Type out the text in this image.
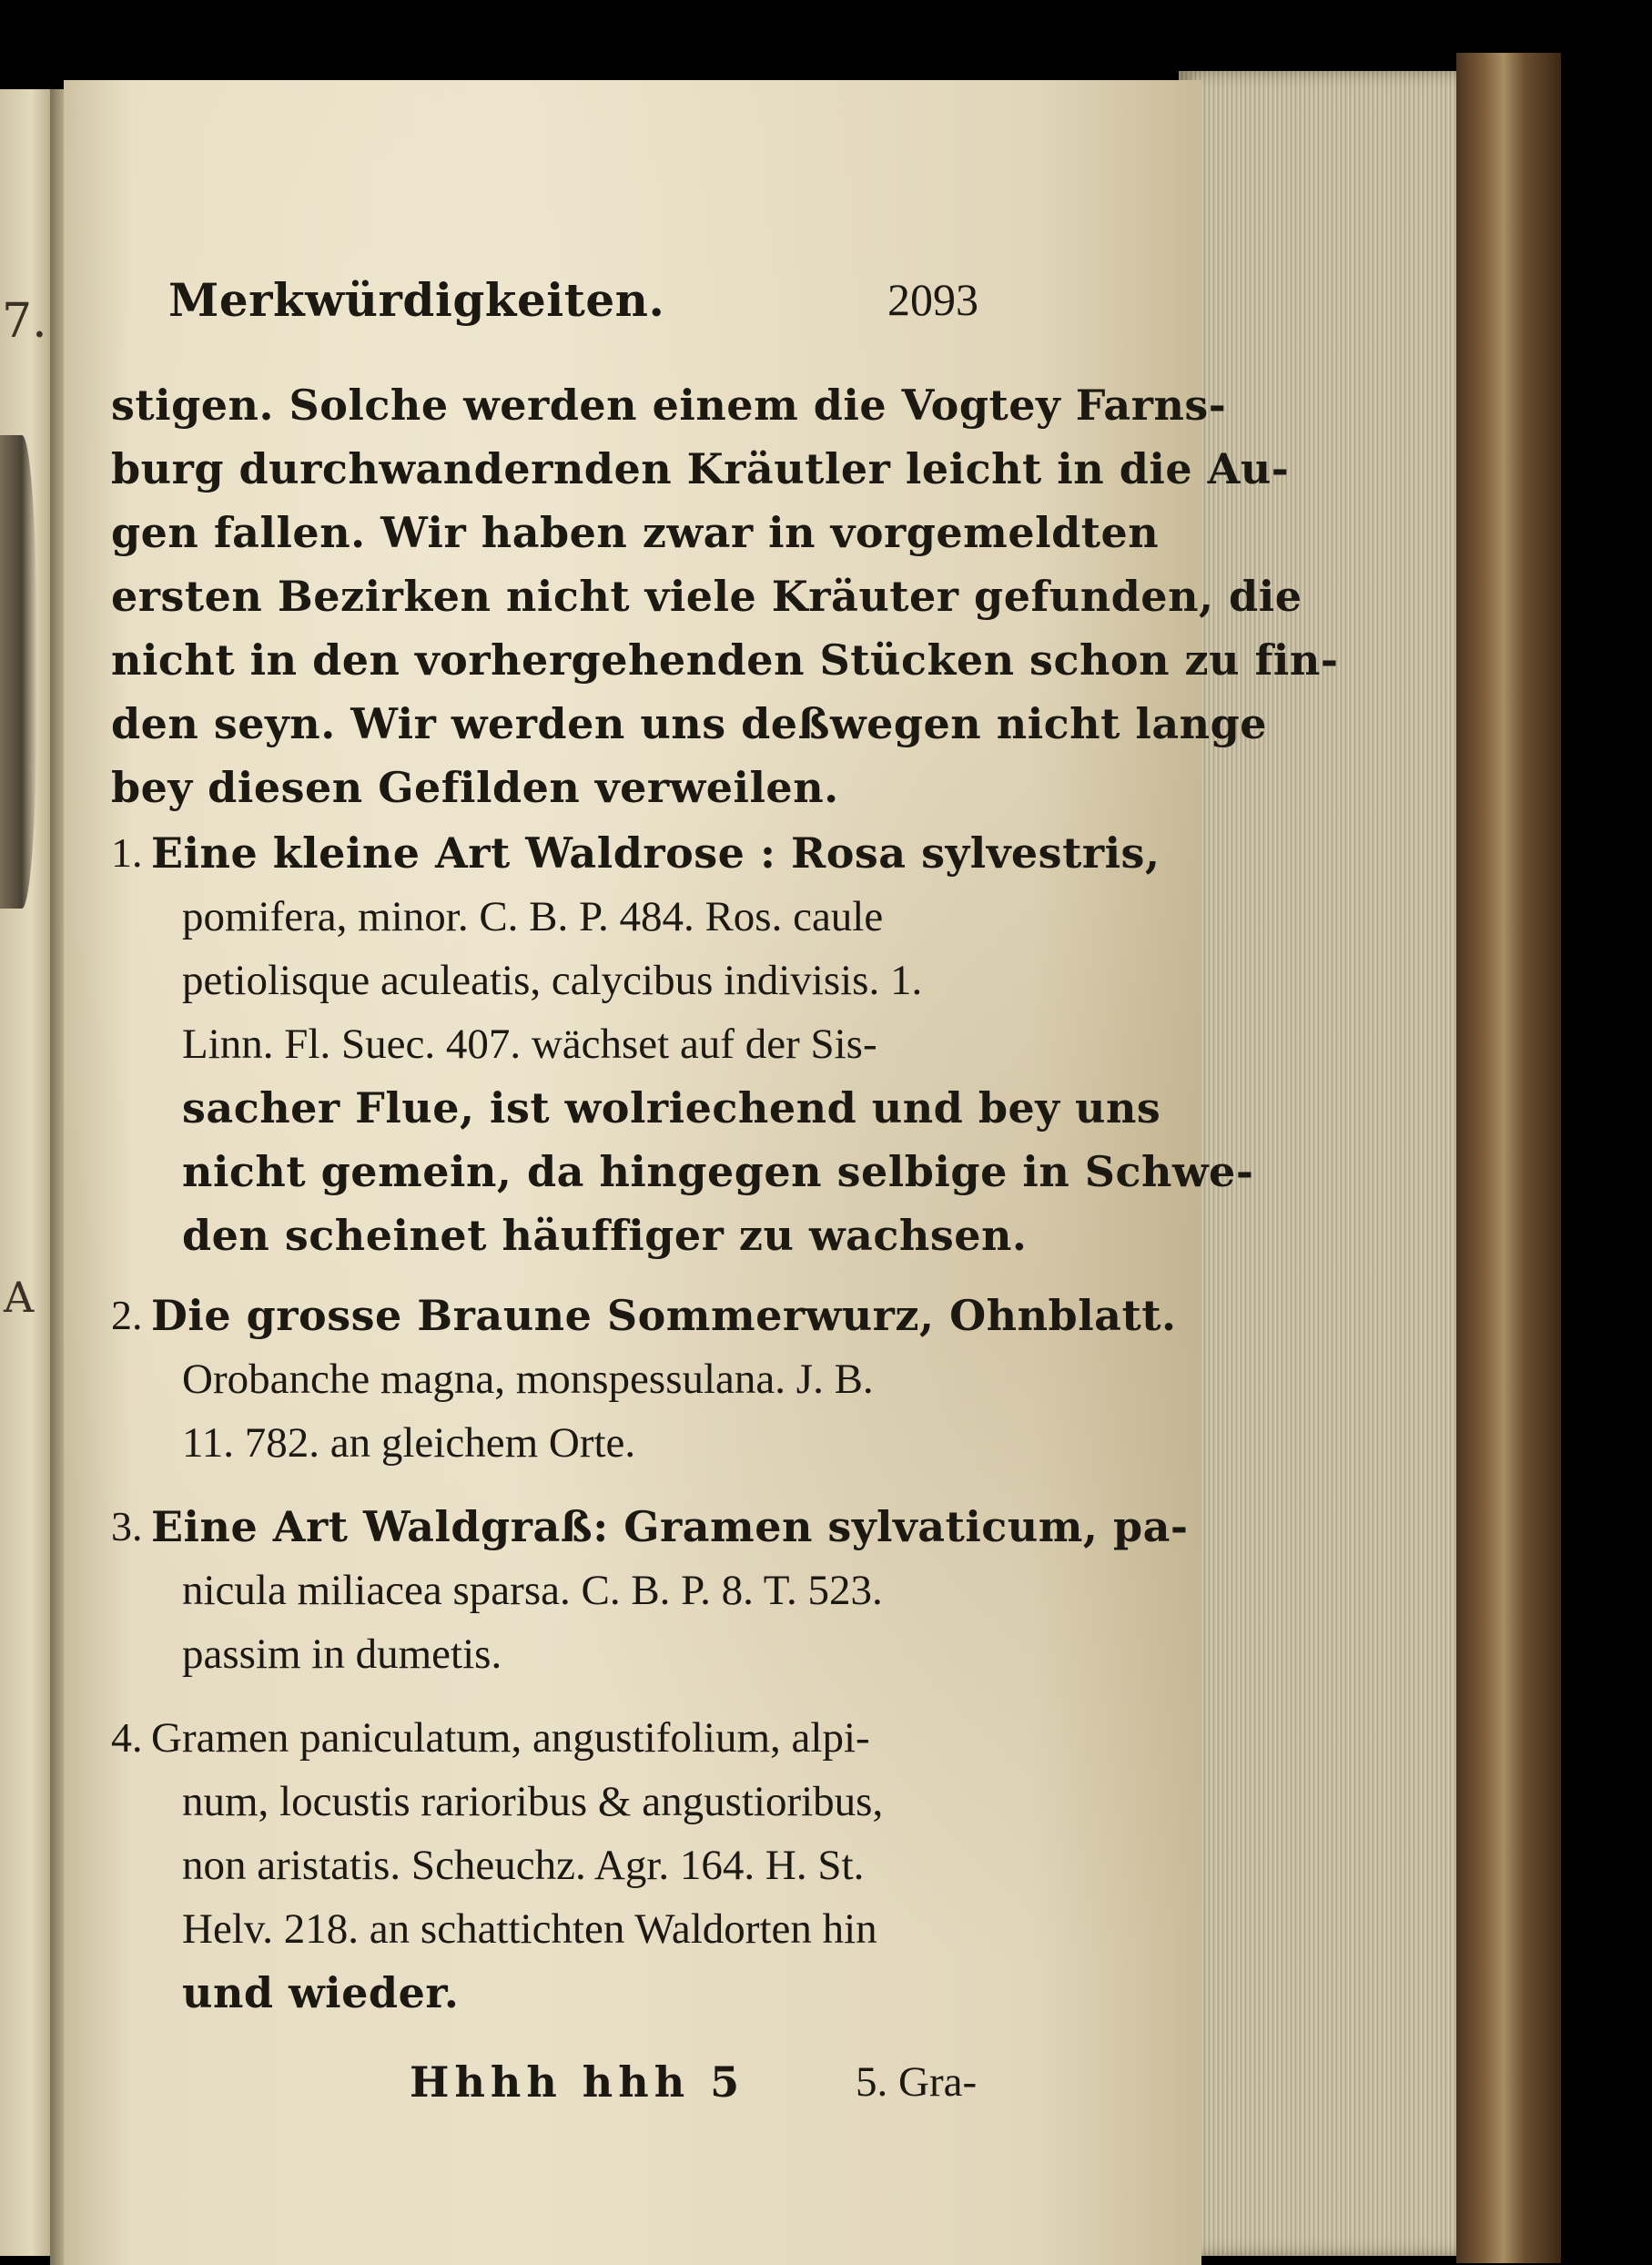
7.
A
Merkwürdigkeiten.	2093
stigen. Solche werden einem die Vogtey Farns-
burg durchwandernden Kräutler leicht in die Au-
gen fallen. Wir haben zwar in vorgemeldten
ersten Bezirken nicht viele Kräuter gefunden, die
nicht in den vorhergehenden Stücken schon zu fin-
den seyn. Wir werden uns deßwegen nicht lange
bey diesen Gefilden verweilen.
1. Eine kleine Art Waldrose : Rosa sylvestris,
pomifera, minor. C. B. P. 484. Ros. caule
petiolisque aculeatis, calycibus indivisis. 1.
Linn. Fl. Suec. 407. wächset auf der Sis-
sacher Flue, ist wolriechend und bey uns
nicht gemein, da hingegen selbige in Schwe-
den scheinet häuffiger zu wachsen.
2. Die grosse Braune Sommerwurz, Ohnblatt.
Orobanche magna, monspessulana. J. B.
11. 782. an gleichem Orte.
3. Eine Art Waldgraß: Gramen sylvaticum, pa-
nicula miliacea sparsa. C. B. P. 8. T. 523.
passim in dumetis.
4. Gramen paniculatum, angustifolium, alpi-
num, locustis rarioribus & angustioribus,
non aristatis. Scheuchz. Agr. 164. H. St.
Helv. 218. an schattichten Waldorten hin
und wieder.
Hhhh hhh 5	5. Gra-
